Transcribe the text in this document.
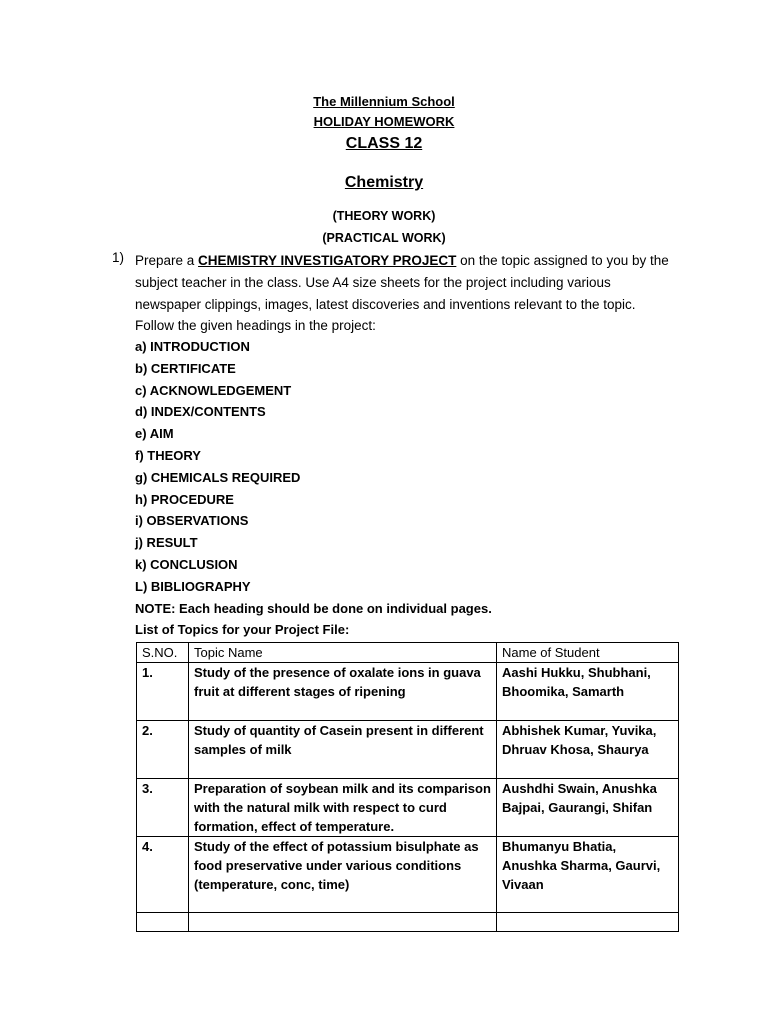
The Millennium School
HOLIDAY HOMEWORK
CLASS 12
Chemistry
(THEORY WORK)
(PRACTICAL WORK)
1) Prepare a CHEMISTRY INVESTIGATORY PROJECT on the topic assigned to you by the subject teacher in the class. Use A4 size sheets for the project including various newspaper clippings, images, latest discoveries and inventions relevant to the topic. Follow the given headings in the project:
a) INTRODUCTION
b) CERTIFICATE
c) ACKNOWLEDGEMENT
d) INDEX/CONTENTS
e) AIM
f) THEORY
g) CHEMICALS REQUIRED
h) PROCEDURE
i) OBSERVATIONS
j) RESULT
k) CONCLUSION
L) BIBLIOGRAPHY
NOTE: Each heading should be done on individual pages.
List of Topics for your Project File:
S.NO.	Topic Name	Name of Student
1.	Study of the presence of oxalate ions in guava fruit at different stages of ripening	Aashi Hukku, Shubhani, Bhoomika, Samarth
2.	Study of quantity of Casein present in different samples of milk	Abhishek Kumar, Yuvika, Dhruav Khosa, Shaurya
3.	Preparation of soybean milk and its comparison with the natural milk with respect to curd formation, effect of temperature.	Aushdhi Swain, Anushka Bajpai, Gaurangi, Shifan
4.	Study of the effect of potassium bisulphate as food preservative under various conditions (temperature, conc, time)	Bhumanyu Bhatia, Anushka Sharma, Gaurvi, Vivaan
